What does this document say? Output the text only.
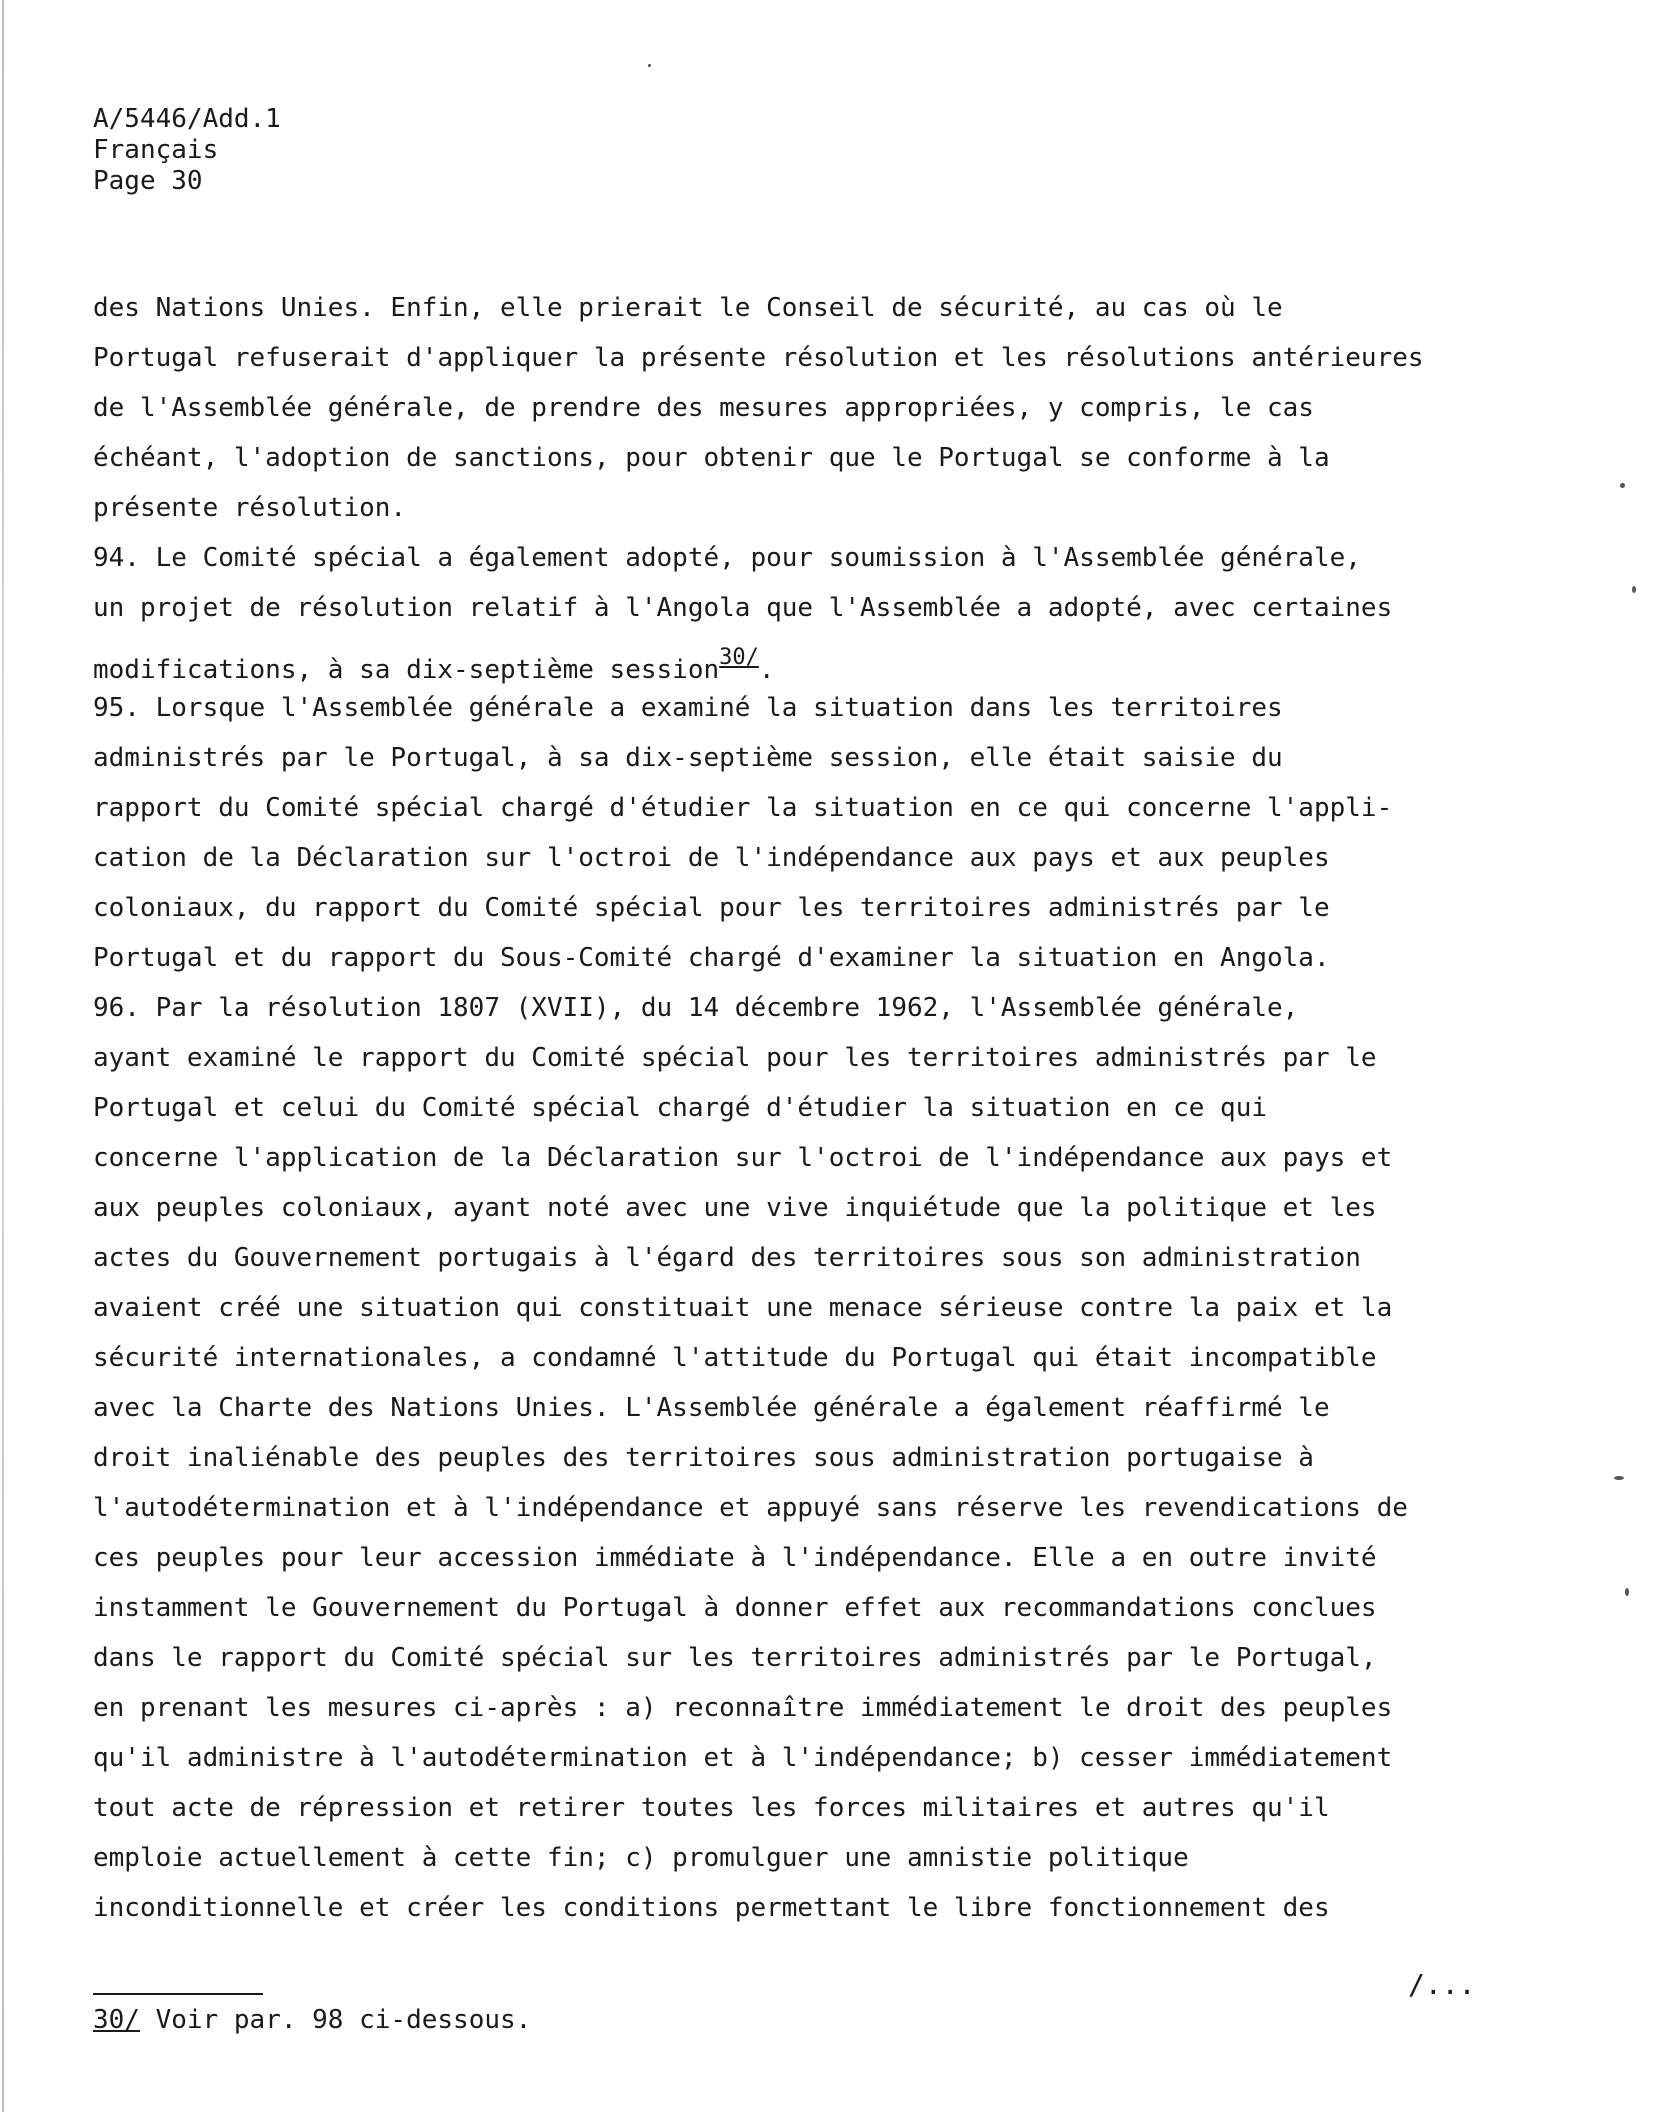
A/5446/Add.1
Français
Page 30
des Nations Unies. Enfin, elle prierait le Conseil de sécurité, au cas où le
Portugal refuserait d'appliquer la présente résolution et les résolutions antérieures
de l'Assemblée générale, de prendre des mesures appropriées, y compris, le cas
échéant, l'adoption de sanctions, pour obtenir que le Portugal se conforme à la
présente résolution.
94. Le Comité spécial a également adopté, pour soumission à l'Assemblée générale,
un projet de résolution relatif à l'Angola que l'Assemblée a adopté, avec certaines
modifications, à sa dix-septième session$^{30/}$.
95. Lorsque l'Assemblée générale a examiné la situation dans les territoires
administrés par le Portugal, à sa dix-septième session, elle était saisie du
rapport du Comité spécial chargé d'étudier la situation en ce qui concerne l'appli-
cation de la Déclaration sur l'octroi de l'indépendance aux pays et aux peuples
coloniaux, du rapport du Comité spécial pour les territoires administrés par le
Portugal et du rapport du Sous-Comité chargé d'examiner la situation en Angola.
96. Par la résolution 1807 (XVII), du 14 décembre 1962, l'Assemblée générale,
ayant examiné le rapport du Comité spécial pour les territoires administrés par le
Portugal et celui du Comité spécial chargé d'étudier la situation en ce qui
concerne l'application de la Déclaration sur l'octroi de l'indépendance aux pays et
aux peuples coloniaux, ayant noté avec une vive inquiétude que la politique et les
actes du Gouvernement portugais à l'égard des territoires sous son administration
avaient créé une situation qui constituait une menace sérieuse contre la paix et la
sécurité internationales, a condamné l'attitude du Portugal qui était incompatible
avec la Charte des Nations Unies. L'Assemblée générale a également réaffirmé le
droit inaliénable des peuples des territoires sous administration portugaise à
l'autodétermination et à l'indépendance et appuyé sans réserve les revendications de
ces peuples pour leur accession immédiate à l'indépendance. Elle a en outre invité
instamment le Gouvernement du Portugal à donner effet aux recommandations conclues
dans le rapport du Comité spécial sur les territoires administrés par le Portugal,
en prenant les mesures ci-après : a) reconnaître immédiatement le droit des peuples
qu'il administre à l'autodétermination et à l'indépendance; b) cesser immédiatement
tout acte de répression et retirer toutes les forces militaires et autres qu'il
emploie actuellement à cette fin; c) promulguer une amnistie politique
inconditionnelle et créer les conditions permettant le libre fonctionnement des
/...
30/ Voir par. 98 ci-dessous.
